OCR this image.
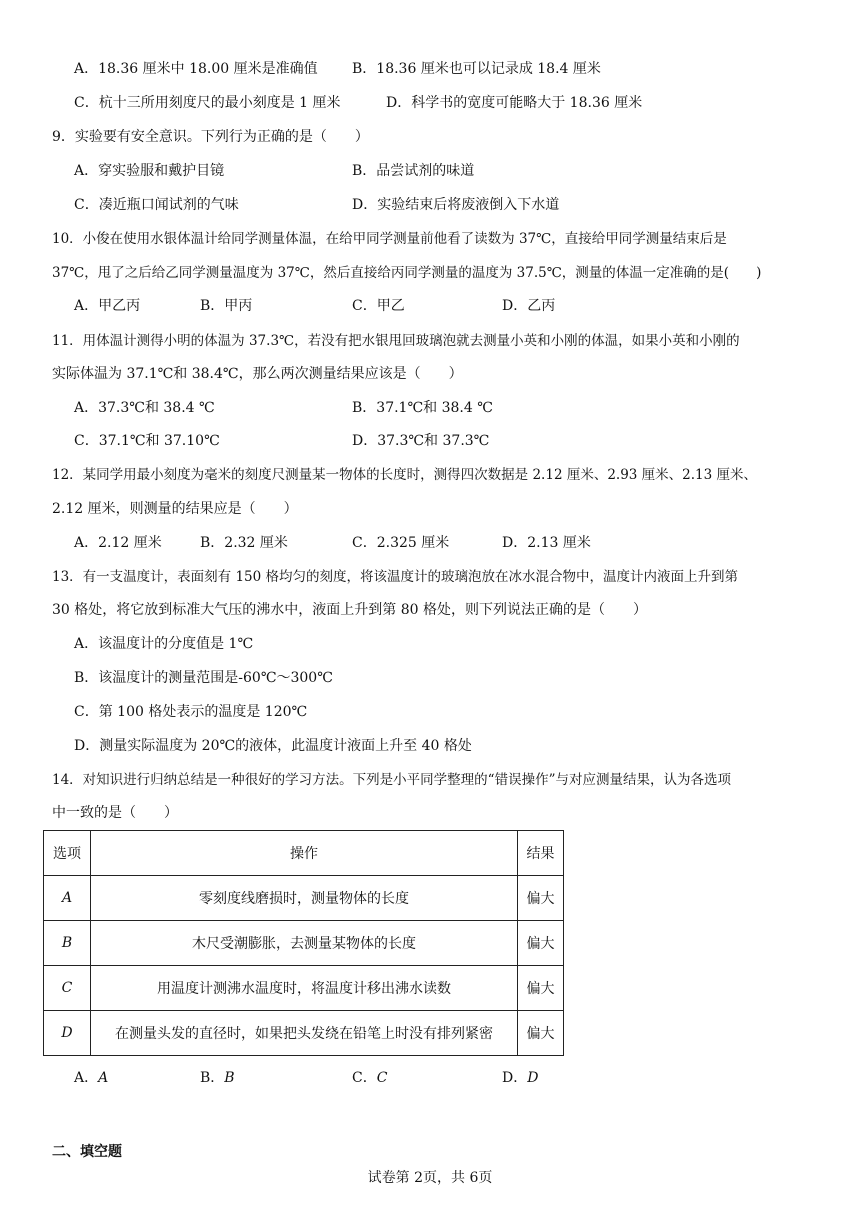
A．18.36 厘米中 18.00 厘米是准确值 B．18.36 厘米也可以记录成 18.4 厘米
C．杭十三所用刻度尺的最小刻度是 1 厘米	D．科学书的宽度可能略大于 18.36 厘米
9．实验要有安全意识。下列行为正确的是（　　）
A．穿实验服和戴护目镜	B．品尝试剂的味道
C．凑近瓶口闻试剂的气味	D．实验结束后将废液倒入下水道
10．小俊在使用水银体温计给同学测量体温，在给甲同学测量前他看了读数为 37℃，直接给甲同学测量结束后是
37℃，甩了之后给乙同学测量温度为 37℃，然后直接给丙同学测量的温度为 37.5℃，测量的体温一定准确的是(　　)
A．甲乙丙	B．甲丙	C．甲乙	D．乙丙
11．用体温计测得小明的体温为 37.3℃，若没有把水银甩回玻璃泡就去测量小英和小刚的体温，如果小英和小刚的
实际体温为 37.1℃和 38.4℃，那么两次测量结果应该是（　　）
A．37.3℃和 38.4 ℃	B．37.1℃和 38.4 ℃
C．37.1℃和 37.10℃	D．37.3℃和 37.3℃
12．某同学用最小刻度为毫米的刻度尺测量某一物体的长度时，测得四次数据是 2.12 厘米、2.93 厘米、2.13 厘米、
2.12 厘米，则测量的结果应是（　　）
A．2.12 厘米	B．2.32 厘米	C．2.325 厘米	D．2.13 厘米
13．有一支温度计，表面刻有 150 格均匀的刻度，将该温度计的玻璃泡放在冰水混合物中，温度计内液面上升到第
30 格处，将它放到标准大气压的沸水中，液面上升到第 80 格处，则下列说法正确的是（　　）
A．该温度计的分度值是 1℃
B．该温度计的测量范围是-60℃～300℃
C．第 100 格处表示的温度是 120℃
D．测量实际温度为 20℃的液体，此温度计液面上升至 40 格处
14．对知识进行归纳总结是一种很好的学习方法。下列是小平同学整理的“错误操作”与对应测量结果，认为各选项
中一致的是（　　）
选项	操作	结果
A	零刻度线磨损时，测量物体的长度	偏大
B	木尺受潮膨胀，去测量某物体的长度	偏大
C	用温度计测沸水温度时，将温度计移出沸水读数	偏大
D	在测量头发的直径时，如果把头发绕在铅笔上时没有排列紧密	偏大
A．A	B．B	C．C	D．D
二、填空题
试卷第 2页，共 6页
